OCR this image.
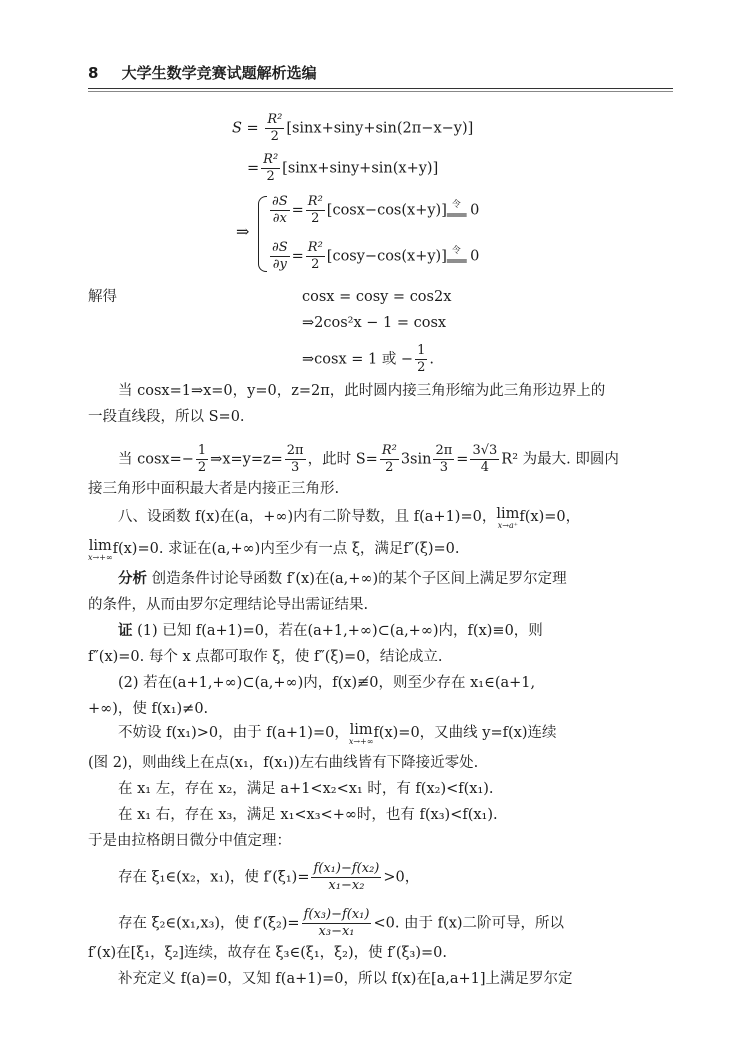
8 大学生数学竞赛试题解析选编
$S = \frac{\text{R²}}{2} [\sin x+\sin y+\sin(2\pi-x-y)]$
= $\frac{\text{R²}}{2} [\sin x+\sin y+\sin(x+y)]$
⇒
$\frac{\partial S}{\partial x} = \frac{\text{R²}}{2} [\cos x-\cos(x+y)]$ 令
═══ 0
$\frac{\partial S}{\partial y} = \frac{\text{R²}}{2} [\cos y-\cos(x+y)]$ 令
═══ 0
解得	cosx = cosy = cos2x
⇒2cos²x − 1 = cosx
⇒cosx = 1 或 − $\frac{1}{2}$ .
当 cosx=1⇒x=0，y=0，z=2π，此时圆内接三角形缩为此三角形边界上的
一段直线段，所以 S=0.
当 $\cos x=- \frac{1}{2}$ ⇒x=y=z= $\frac{2\pi}{3}$ ，此时 $S= \frac{\text{R²}}{2} 3\sin \frac{2\pi}{3} = \frac{3√3}{4} R^2$ 为最大. 即圆内
接三角形中面积最大者是内接正三角形.
八、设函数 f(x)在(a，+∞)内有二阶导数，且 f(a+1)=0，lim
x→a⁺
f(x)=0，
lim
x→+∞
f(x)=0. 求证在(a,+∞)内至少有一点 ξ，满足f″(ξ)=0.
分析 创造条件讨论导函数 f′(x)在(a,+∞)的某个子区间上满足罗尔定理
的条件，从而由罗尔定理结论导出需证结果.
证 (1) 已知 f(a+1)=0，若在(a+1,+∞)⊂(a,+∞)内，f(x)≡0，则
f″(x)=0. 每个 x 点都可取作 ξ，使 f″(ξ)=0，结论成立.
(2) 若在(a+1,+∞)⊂(a,+∞)内，f(x)≢0，则至少存在 x₁∈(a+1,
+∞)，使 f(x₁)≠0.
不妨设 f(x₁)>0，由于 f(a+1)=0，lim
x→+∞
f(x)=0，又曲线 y=f(x)连续
(图 2)，则曲线上在点(x₁，f(x₁))左右曲线皆有下降接近零处.
在 x₁ 左，存在 x₂，满足 a+1<x₂<x₁ 时，有 f(x₂)<f(x₁).
在 x₁ 右，存在 x₃，满足 x₁<x₃<+∞时，也有 f(x₃)<f(x₁).
于是由拉格朗日微分中值定理：
存在 ξ₁∈(x₂，x₁)，使 $f'(\xi_1)= \frac{\text{f(x₁)−f(x₂)}}{\text{x₁−x₂}} >0$，
存在 ξ₂∈(x₁,x₃)，使 $f'(\xi_2)= \frac{\text{f(x₃)−f(x₁)}}{\text{x₃−x₁}} <0$. 由于 f(x)二阶可导，所以
f′(x)在[ξ₁，ξ₂]连续，故存在 ξ₃∈(ξ₁，ξ₂)，使 f′(ξ₃)=0.
补充定义 f(a)=0，又知 f(a+1)=0，所以 f(x)在[a,a+1]上满足罗尔定
